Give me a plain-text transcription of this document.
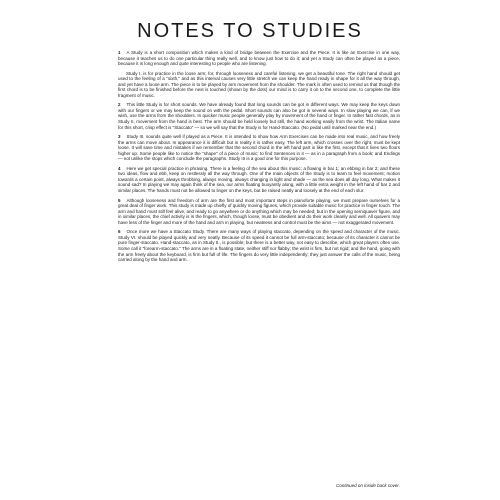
NOTES TO STUDIES

1 A Study is a short composition which makes a kind of bridge between the Exercise and the Piece. It is like an Exercise in one way, because it teaches us to do one particular thing really well, and to know just how to do it; and yet a Study can often be played as a piece, because it is long enough and quite interesting to people who are listening.

Study I. is for practice in the loose arm; for, through looseness and careful listening, we get a beautiful tone. The right hand should get used to the feeling of a "sixth," and as this interval causes very little stretch we can keep the hand ready in shape for it all the way through, and yet have a loose arm. The piece is to be played by arm movement from the shoulder. The mark is often used to remind us that though the first chord is to be finished before the next is touched (shown by the dots) our mind is to carry it on to the second one, to complete the little fragment of music.

2 This little Study is for short sounds. We have already found that long sounds can be got in different ways. We may keep the keys down with our fingers or we may keep the sound on with the pedal. Short sounds can also be got in several ways. In slow playing we can, if we wish, use the arms from the shoulders. In quicker music people generally play by movement of the hand or finger. In rather fast chords, as in Study II, movement from the hand is best. The arm should be held loosely but still, the hand working easily from the wrist. The Italian name for this short, crisp effect is "Staccato" — so we will say that the Study is for Hand-Staccato. (No pedal until marked near the end.)

3 Study III. sounds quite well if played as a Piece. It is intended to show how Arm Exercises can be made into real music, and how freely the arms can move about. In appearance it is difficult but in reality it is rather easy. The left arm, which crosses over the right, must be kept loose. It will save time and mistakes if we remember that the second chord in the left hand part is like the first, except that it lives two floors higher up. Some people like to notice the "shape" of a piece of music; to find Sentences in it — as in a paragraph from a book; and Endings — not unlike the stops which conclude the paragraphs. Study III is a good one for this purpose.

4 Here we get special practice in phrasing. There is a feeling of the sea about this music; a flowing in bar 1; an ebbing in bar 2; and these two ideas, flow and ebb, keep on restlessly all the way through. One of the main objects of the Study is to learn to feel movement; motion towards a certain point, always throbbing, always moving, always changing in light and shade — as the sea does all day long. What makes it sound sad? In playing we may again think of the sea, our arms floating buoyantly along, with a little extra weight in the left hand of bar 2 and similar places. The hands must not be allowed to linger on the keys, but be raised neatly and loosely at the end of each slur.

5 Although looseness and freedom of arm are the first and most important steps in pianoforte playing, we must prepare ourselves for a great deal of finger work. This study is made up chiefly of quickly moving figures, which provide suitable music for practice in finger touch. The arm and hand must still feel alive, and ready to go anywhere or do anything which may be needed; but in the opening semiquaver figure, and in similar places, the chief activity is in the fingers, which, though loose, must be obedient and do their work cleanly and well. All quavers may have less of the finger and more of the hand and arm in playing, but neatness and control must be the aims — not exaggerated movement.

6 Once more we have a Staccato Study. There are many ways of playing staccato, depending on the speed and character of the music. Study VI. should be played quickly and very neatly. Because of its speed it cannot be full arm-staccato; because of its character it cannot be pure finger-staccato. Hand-staccato, as in Study II., is possible; but there is a better way, not easy to describe, which great players often use. Some call it "forearm-staccato." The arms are in a floating state, neither stiff nor flabby; the wrist is firm, but not rigid; and the hand, going with the arm freely about the keyboard, is firm but full of life. The fingers do very little independently; they just answer the calls of the music, being carried along by the hand and arm.

Continued on inside back cover.
